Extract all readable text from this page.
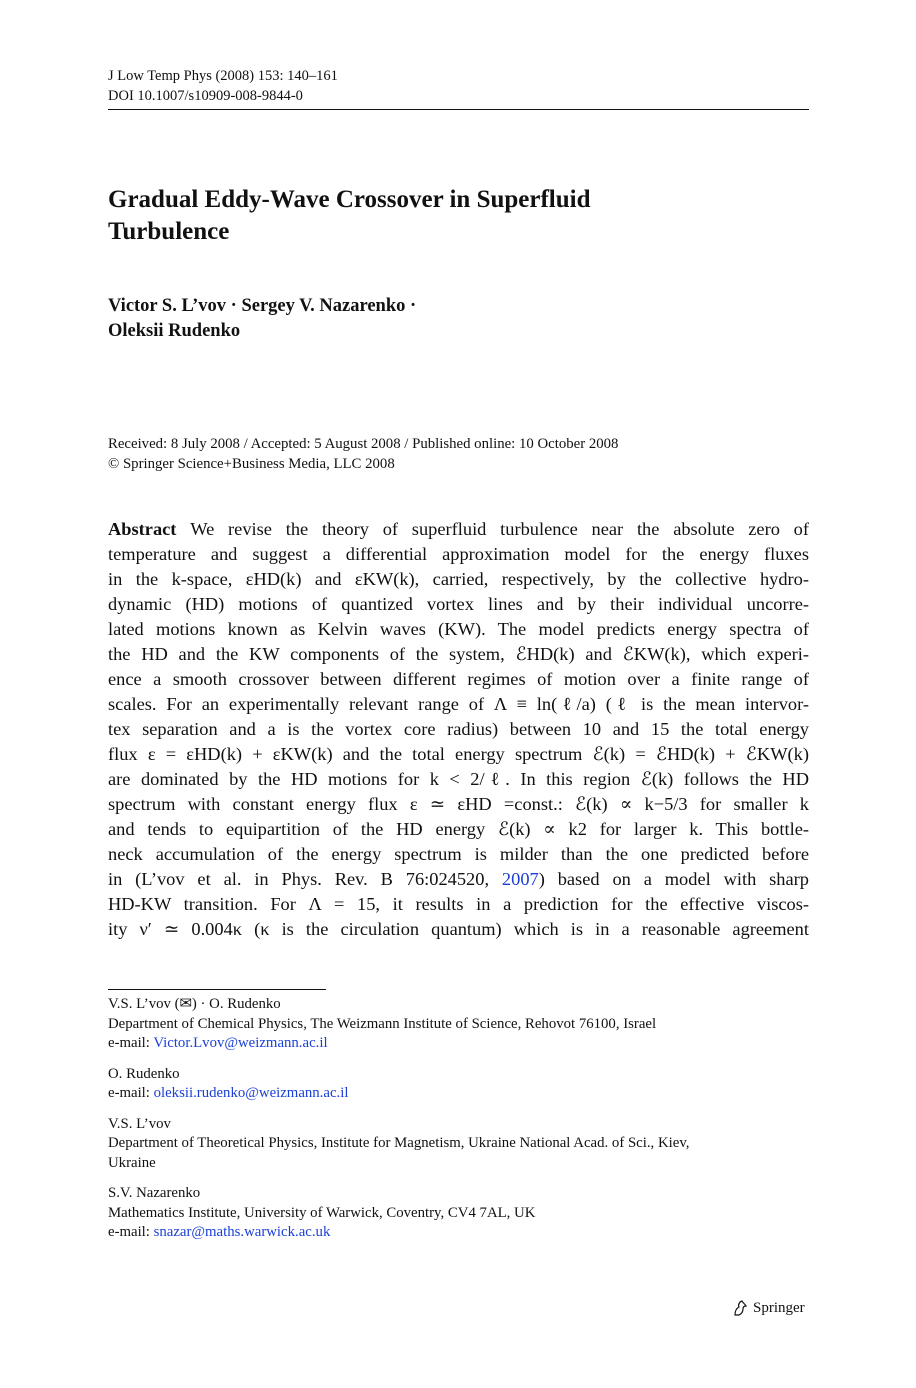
J Low Temp Phys (2008) 153: 140–161
DOI 10.1007/s10909-008-9844-0
Gradual Eddy-Wave Crossover in Superfluid
Turbulence
Victor S. L’vov · Sergey V. Nazarenko ·
Oleksii Rudenko
Received: 8 July 2008 / Accepted: 5 August 2008 / Published online: 10 October 2008
© Springer Science+Business Media, LLC 2008
Abstract We revise the theory of superfluid turbulence near the absolute zero of
temperature and suggest a differential approximation model for the energy fluxes
in the k-space, εHD(k) and εKW(k), carried, respectively, by the collective hydro-
dynamic (HD) motions of quantized vortex lines and by their individual uncorre-
lated motions known as Kelvin waves (KW). The model predicts energy spectra of
the HD and the KW components of the system, ℰHD(k) and ℰKW(k), which experi-
ence a smooth crossover between different regimes of motion over a finite range of
scales. For an experimentally relevant range of Λ ≡ ln(ℓ/a) (ℓ is the mean intervor-
tex separation and a is the vortex core radius) between 10 and 15 the total energy
flux ε = εHD(k) + εKW(k) and the total energy spectrum ℰ(k) = ℰHD(k) + ℰKW(k)
are dominated by the HD motions for k < 2/ℓ. In this region ℰ(k) follows the HD
spectrum with constant energy flux ε ≃ εHD =const.: ℰ(k) ∝ k−5/3 for smaller k
and tends to equipartition of the HD energy ℰ(k) ∝ k2 for larger k. This bottle-
neck accumulation of the energy spectrum is milder than the one predicted before
in (L’vov et al. in Phys. Rev. B 76:024520, 2007) based on a model with sharp
HD-KW transition. For Λ = 15, it results in a prediction for the effective viscos-
ity ν′ ≃ 0.004κ (κ is the circulation quantum) which is in a reasonable agreement
V.S. L’vov (✉) · O. Rudenko
Department of Chemical Physics, The Weizmann Institute of Science, Rehovot 76100, Israel
e-mail: Victor.Lvov@weizmann.ac.il
O. Rudenko
e-mail: oleksii.rudenko@weizmann.ac.il
V.S. L’vov
Department of Theoretical Physics, Institute for Magnetism, Ukraine National Acad. of Sci., Kiev,
Ukraine
S.V. Nazarenko
Mathematics Institute, University of Warwick, Coventry, CV4 7AL, UK
e-mail: snazar@maths.warwick.ac.uk
Springer
